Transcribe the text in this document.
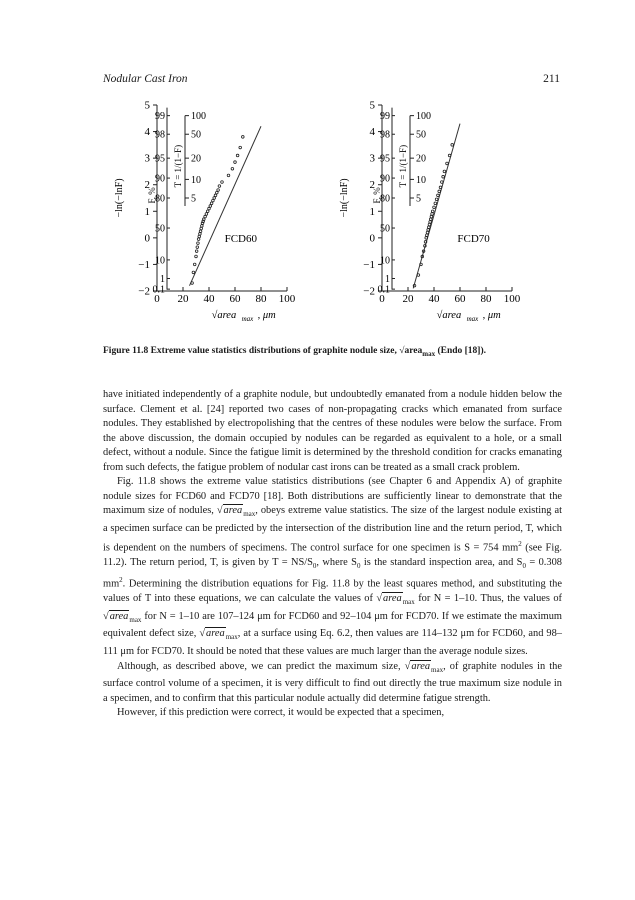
Nodular Cast Iron	211
5
4
3
2
1
0
−1
−2
0 20 40 60 80 100
99
98
95
90
80
50
10
1
0.1
100
50
20
10
5
−ln(−lnF)
T = 1/(1−F)
F, %
FCD60
√area max , μm
5
4
3
2
1
0
−1
−2
0 20 40 60 80 100
99
98
95
90
80
50
10
1
0.1
100
50
20
10
5
−ln(−lnF)
T = 1/(1−F)
F, %
FCD70
√area max , μm
Figure 11.8 Extreme value statistics distributions of graphite nodule size, √area$_{max}$ (Endo [18]).

have initiated independently of a graphite nodule, but undoubtedly emanated from a nodule hidden below the surface. Clement et al. [24] reported two cases of non-propagating cracks which emanated from surface nodules. They established by electropolishing that the centres of these nodules were below the surface. From the above discussion, the domain occupied by nodules can be regarded as equivalent to a hole, or a small defect, without a nodule. Since the fatigue limit is determined by the threshold condition for cracks emanating from such defects, the fatigue problem of nodular cast irons can be treated as a small crack problem.

Fig. 11.8 shows the extreme value statistics distributions (see Chapter 6 and Appendix A) of graphite nodule sizes for FCD60 and FCD70 [18]. Both distributions are sufficiently linear to demonstrate that the maximum size of nodules, √area$_{max}$, obeys extreme value statistics. The size of the largest nodule existing at a specimen surface can be predicted by the intersection of the distribution line and the return period, T, which is dependent on the numbers of specimens. The control surface for one specimen is S = 754 $mm^2$ (see Fig. 11.2). The return period, T, is given by $T = NS/S_0$, where $S_0$ is the standard inspection area, and $S_0 = 0.308$ $mm^2$. Determining the distribution equations for Fig. 11.8 by the least squares method, and substituting the values of T into these equations, we can calculate the values of √area$_{max}$ for N = 1–10. Thus, the values of √area$_{max}$ for N = 1–10 are 107–124 μm for FCD60 and 92–104 μm for FCD70. If we estimate the maximum equivalent defect size, √area$_{max}$, at a surface using Eq. 6.2, then values are 114–132 μm for FCD60, and 98–111 μm for FCD70. It should be noted that these values are much larger than the average nodule sizes.

Although, as described above, we can predict the maximum size, √area$_{max}$, of graphite nodules in the surface control volume of a specimen, it is very difficult to find out directly the true maximum size nodule in a specimen, and to confirm that this particular nodule actually did determine fatigue strength.

However, if this prediction were correct, it would be expected that a specimen,
